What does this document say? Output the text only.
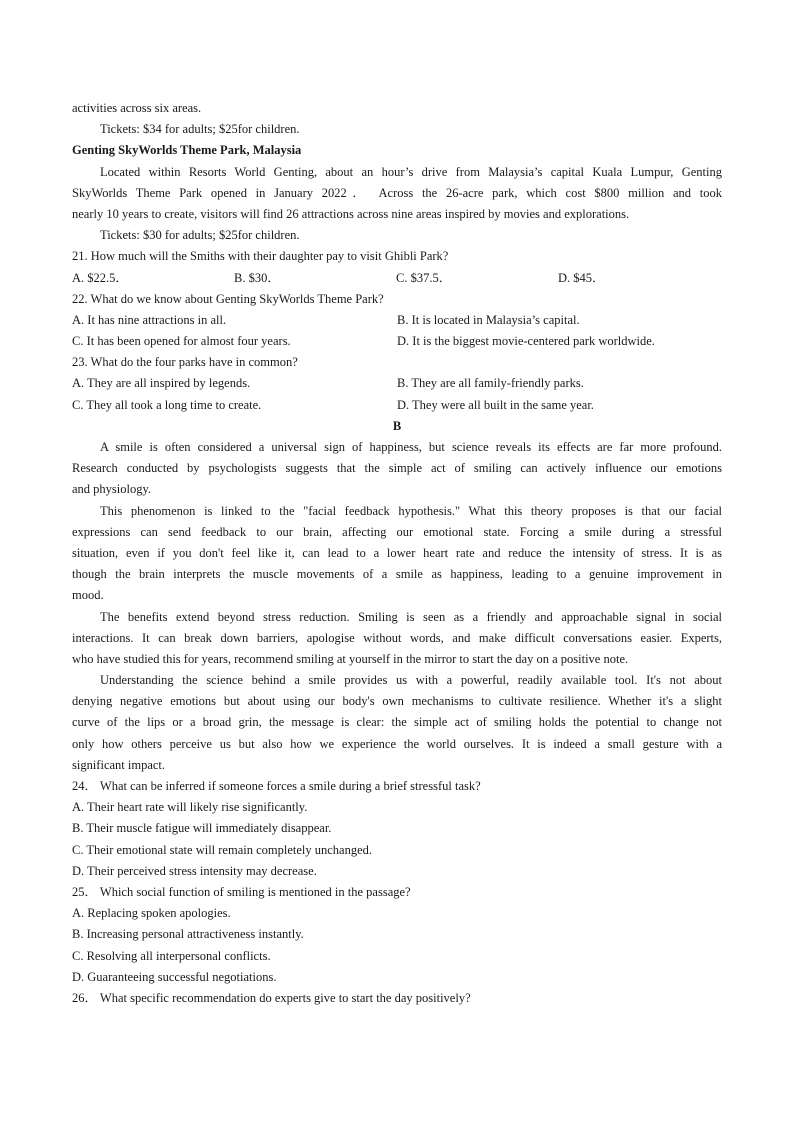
activities across six areas.
Tickets: $34 for adults; $25for children.
Genting SkyWorlds Theme Park, Malaysia
Located within Resorts World Genting, about an hour’s drive from Malaysia’s capital Kuala Lumpur, Genting
SkyWorlds Theme Park opened in January 2022． Across the 26-acre park, which cost $800 million and took
nearly 10 years to create, visitors will find 26 attractions across nine areas inspired by movies and explorations.
Tickets: $30 for adults; $25for children.
21. How much will the Smiths with their daughter pay to visit Ghibli Park?
A. $22.5．	B. $30．	C. $37.5．	D. $45．
22. What do we know about Genting SkyWorlds Theme Park?
A. It has nine attractions in all.	B. It is located in Malaysia’s capital.
C. It has been opened for almost four years.	D. It is the biggest movie-centered park worldwide.
23. What do the four parks have in common?
A. They are all inspired by legends.	B. They are all family-friendly parks.
C. They all took a long time to create.	D. They were all built in the same year.
B
A smile is often considered a universal sign of happiness, but science reveals its effects are far more profound.
Research conducted by psychologists suggests that the simple act of smiling can actively influence our emotions
and physiology.
This phenomenon is linked to the "facial feedback hypothesis." What this theory proposes is that our facial
expressions can send feedback to our brain, affecting our emotional state. Forcing a smile during a stressful
situation, even if you don't feel like it, can lead to a lower heart rate and reduce the intensity of stress. It is as
though the brain interprets the muscle movements of a smile as happiness, leading to a genuine improvement in
mood.
The benefits extend beyond stress reduction. Smiling is seen as a friendly and approachable signal in social
interactions. It can break down barriers, apologise without words, and make difficult conversations easier. Experts,
who have studied this for years, recommend smiling at yourself in the mirror to start the day on a positive note.
Understanding the science behind a smile provides us with a powerful, readily available tool. It's not about
denying negative emotions but about using our body's own mechanisms to cultivate resilience. Whether it's a slight
curve of the lips or a broad grin, the message is clear: the simple act of smiling holds the potential to change not
only how others perceive us but also how we experience the world ourselves. It is indeed a small gesture with a
significant impact.
24． What can be inferred if someone forces a smile during a brief stressful task?
A. Their heart rate will likely rise significantly.
B. Their muscle fatigue will immediately disappear.
C. Their emotional state will remain completely unchanged.
D. Their perceived stress intensity may decrease.
25． Which social function of smiling is mentioned in the passage?
A. Replacing spoken apologies.
B. Increasing personal attractiveness instantly.
C. Resolving all interpersonal conflicts.
D. Guaranteeing successful negotiations.
26． What specific recommendation do experts give to start the day positively?
